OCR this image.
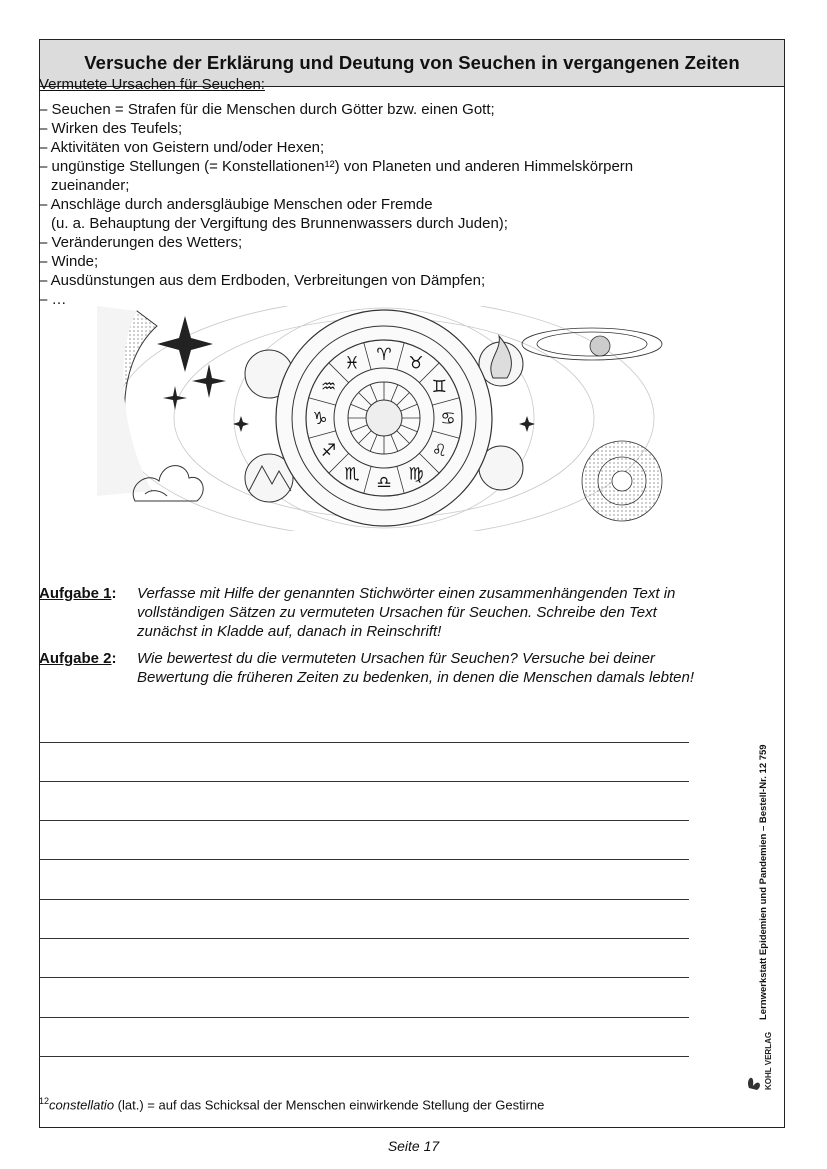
Versuche der Erklärung und Deutung von Seuchen in vergangenen Zeiten
Vermutete Ursachen für Seuchen:
– Seuchen = Strafen für die Menschen durch Götter bzw. einen Gott;
– Wirken des Teufels;
– Aktivitäten von Geistern und/oder Hexen;
– ungünstige Stellungen (= Konstellationen¹²) von Planeten und anderen Himmelskörpern
zueinander;
– Anschläge durch andersgläubige Menschen oder Fremde
(u. a. Behauptung der Vergiftung des Brunnenwassers durch Juden);
– Veränderungen des Wetters;
– Winde;
– Ausdünstungen aus dem Erdboden, Verbreitungen von Dämpfen;
– …
♈ ♉
♊
♋
♌
♍
♎
♏
♐
♑
♒
♓
Aufgabe 1:	Verfasse mit Hilfe der genannten Stichwörter einen zusammenhängenden Text in vollständigen Sätzen zu vermuteten Ursachen für Seuchen. Schreibe den Text zunächst in Kladde auf, danach in Reinschrift!
Aufgabe 2:	Wie bewertest du die vermuteten Ursachen für Seuchen? Versuche bei deiner Bewertung die früheren Zeiten zu bedenken, in denen die Menschen damals lebten!
$^{12}$constellatio (lat.) = auf das Schicksal der Menschen einwirkende Stellung der Gestirne
Lernwerkstatt Epidemien und Pandemien – Bestell-Nr. 12 759
KOHL VERLAG
Seite 17
